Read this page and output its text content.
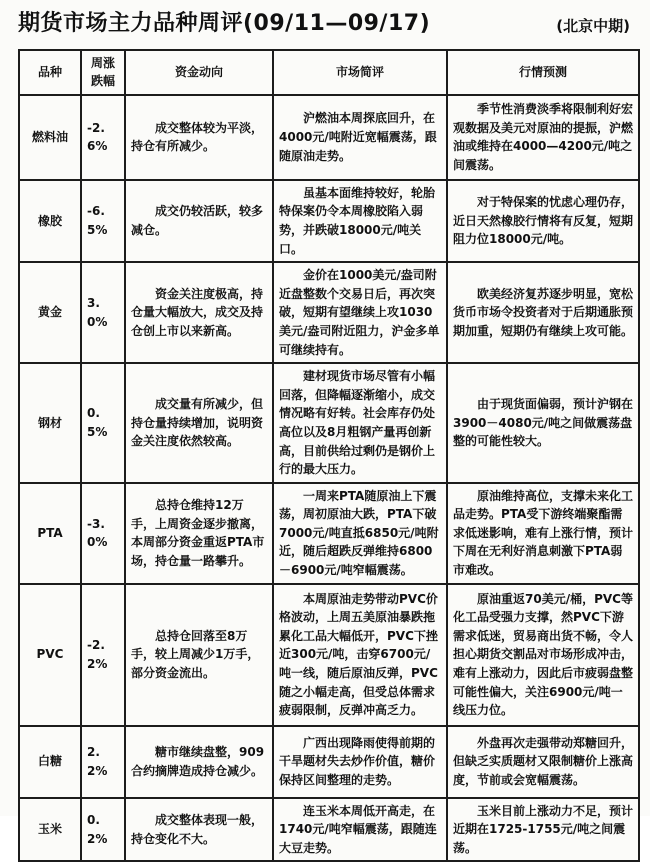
期货市场主力品种周评(09/11—09/17)	(北京中期)
品种	周涨跌幅	资金动向	市场简评	行情预测
燃料油	-2.6%	成交整体较为平淡，持仓有所减少。	沪燃油本周探底回升，在4000元/吨附近宽幅震荡，跟随原油走势。	季节性消费淡季将限制利好宏观数据及美元对原油的提振，沪燃油或维持在4000—4200元/吨之间震荡。

橡胶	-6.5%	成交仍较活跃，较多减仓。	虽基本面维持较好，轮胎特保案仍令本周橡胶陷入弱势，并跌破18000元/吨关口。	对于特保案的忧虑心理仍存，近日天然橡胶行情将有反复，短期阻力位18000元/吨。

黄金	3.0%	资金关注度极高，持仓量大幅放大，成交及持仓创上市以来新高。	金价在1000美元/盎司附近盘整数个交易日后，再次突破，短期有望继续上攻1030美元/盎司附近阻力，沪金多单可继续持有。	欧美经济复苏逐步明显，宽松货币市场令投资者对于后期通胀预期加重，短期仍有继续上攻可能。

钢材	0.5%	成交量有所减少，但持仓量持续增加，说明资金关注度依然较高。	建材现货市场尽管有小幅回落，但降幅逐渐缩小，成交情况略有好转。社会库存仍处高位以及8月粗钢产量再创新高，目前供给过剩仍是钢价上行的最大压力。	由于现货面偏弱，预计沪钢在3900－4080元/吨之间做震荡盘整的可能性较大。

PTA	-3.0%	总持仓维持12万手，上周资金逐步撤离，本周部分资金重返PTA市场，持仓量一路攀升。	一周来PTA随原油上下震荡，周初原油大跌，PTA下破7000元/吨直抵6850元/吨附近，随后超跌反弹维持6800－6900元/吨窄幅震荡。	原油维持高位，支撑未来化工品走势。PTA受下游终端聚酯需求低迷影响，难有上涨行情，预计下周在无利好消息刺激下PTA弱市难改。

PVC	-2.2%	总持仓回落至8万手，较上周减少1万手，部分资金流出。	本周原油走势带动PVC价格波动，上周五美原油暴跌拖累化工品大幅低开，PVC下挫近300元/吨，击穿6700元/吨一线，随后原油反弹，PVC随之小幅走高，但受总体需求疲弱限制，反弹冲高乏力。	原油重返70美元/桶，PVC等化工品受强力支撑，然PVC下游需求低迷，贸易商出货不畅，令人担心期货交割品对市场形成冲击，难有上涨动力，因此后市疲弱盘整可能性偏大，关注6900元/吨一线压力位。

白糖	2.2%	糖市继续盘整，909合约摘牌造成持仓减少。	广西出现降雨使得前期的干旱题材失去炒作价值，糖价保持区间整理的走势。	外盘再次走强带动郑糖回升，但缺乏实质题材又限制糖价上涨高度，节前或会宽幅震荡。

玉米	0.2%	成交整体表现一般，持仓变化不大。	连玉米本周低开高走，在1740元/吨窄幅震荡，跟随连大豆走势。	玉米目前上涨动力不足，预计近期在1725-1755元/吨之间震荡。
